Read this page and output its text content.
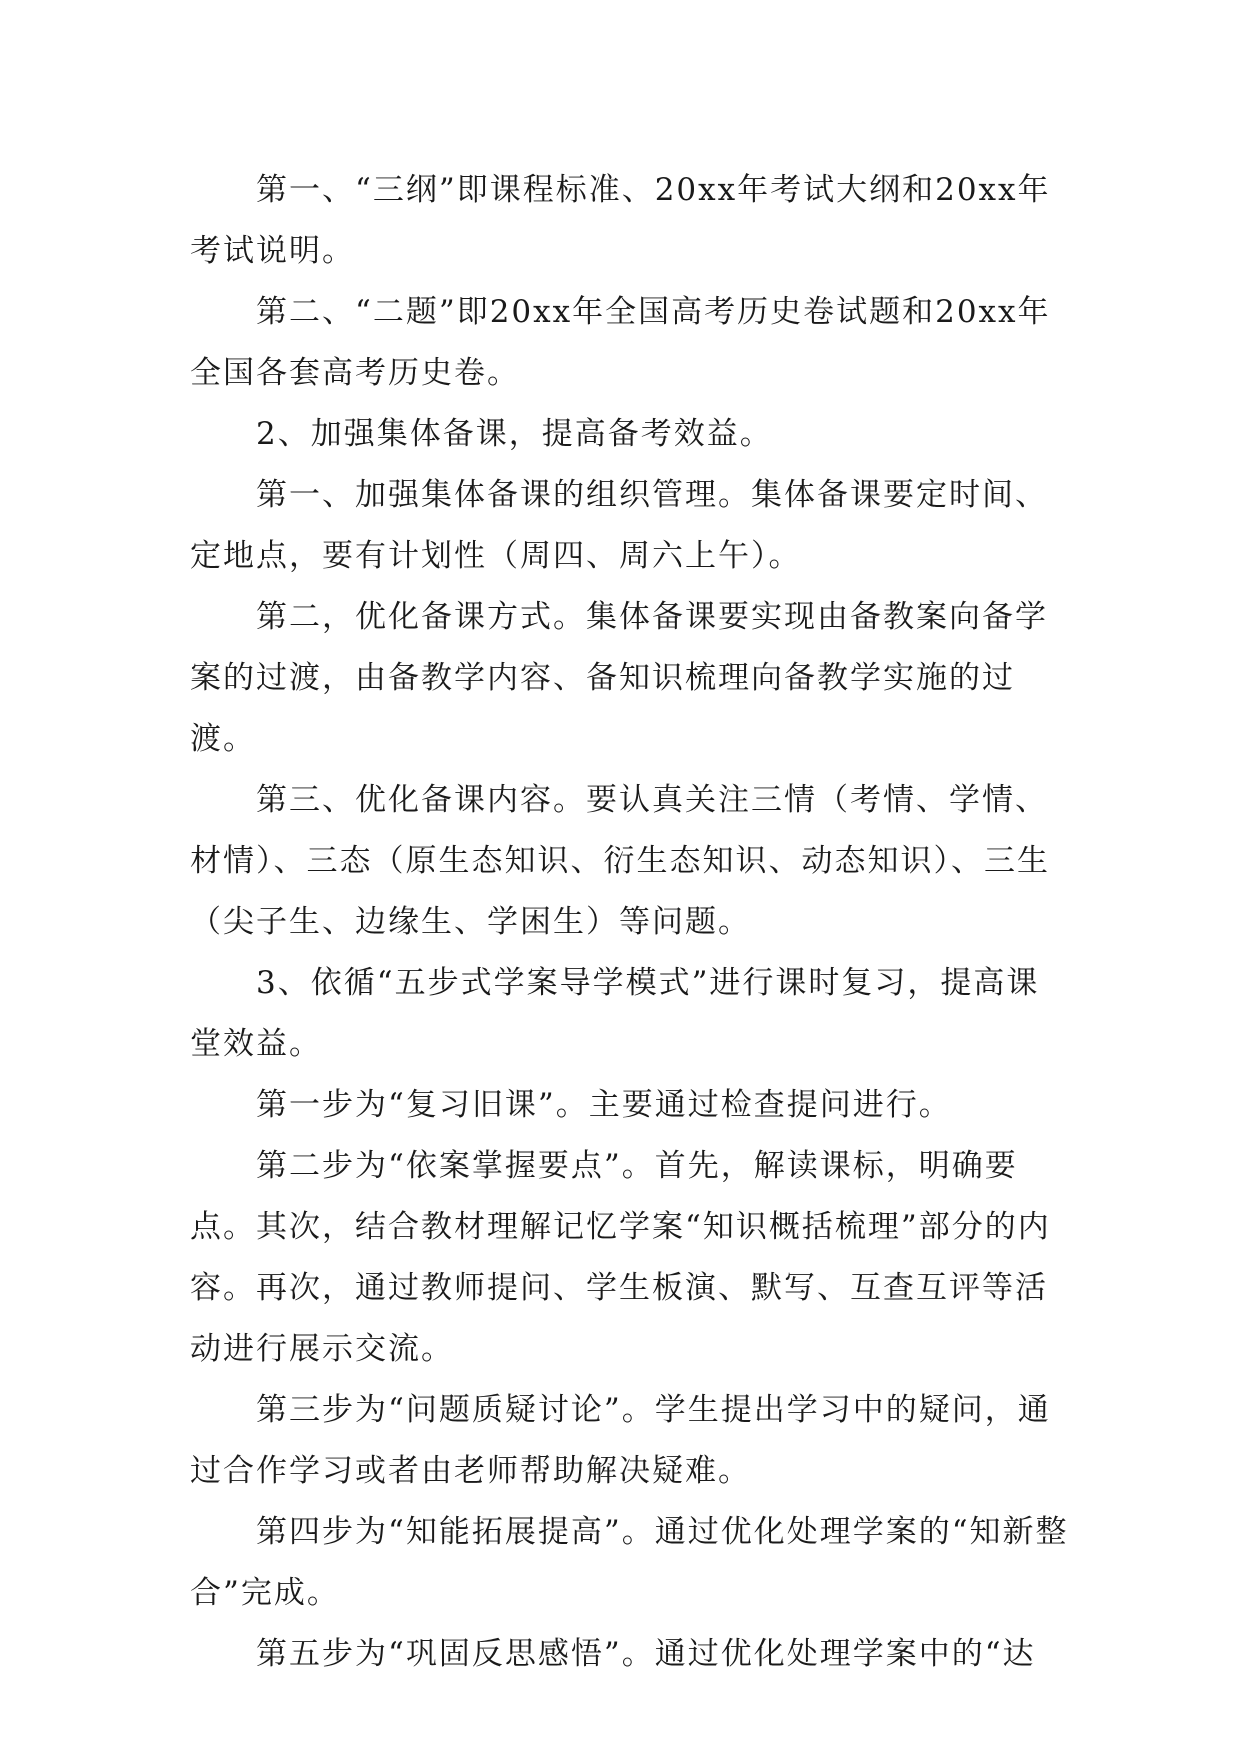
第一、“三纲”即课程标准、20xx年考试大纲和20xx年考试说明。

第二、“二题”即20xx年全国高考历史卷试题和20xx年全国各套高考历史卷。

2、加强集体备课，提高备考效益。

第一、加强集体备课的组织管理。集体备课要定时间、定地点，要有计划性（周四、周六上午）。

第二，优化备课方式。集体备课要实现由备教案向备学案的过渡，由备教学内容、备知识梳理向备教学实施的过渡。

第三、优化备课内容。要认真关注三情（考情、学情、材情）、三态（原生态知识、衍生态知识、动态知识）、三生（尖子生、边缘生、学困生）等问题。

3、依循“五步式学案导学模式”进行课时复习，提高课堂效益。

第一步为“复习旧课”。主要通过检查提问进行。

第二步为“依案掌握要点”。首先，解读课标，明确要点。其次，结合教材理解记忆学案“知识概括梳理”部分的内容。再次，通过教师提问、学生板演、默写、互查互评等活动进行展示交流。

第三步为“问题质疑讨论”。学生提出学习中的疑问，通过合作学习或者由老师帮助解决疑难。

第四步为“知能拓展提高”。通过优化处理学案的“知新整合”完成。

第五步为“巩固反思感悟”。通过优化处理学案中的“达
